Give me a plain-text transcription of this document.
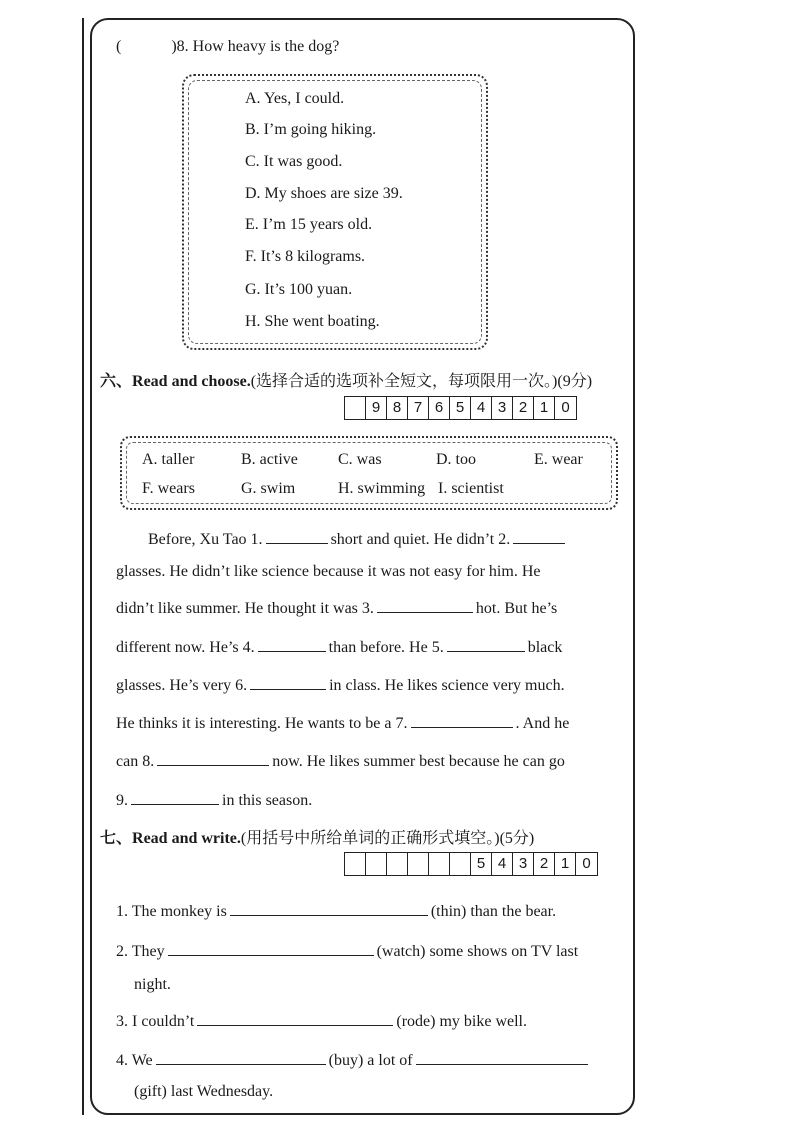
(	)8. How heavy is the dog?
A. Yes, I could.
B. I’m going hiking.
C. It was good.
D. My shoes are size 39.
E. I’m 15 years old.
F. It’s 8 kilograms.
G. It’s 100 yuan.
H. She went boating.
六、Read and choose.(选择合适的选项补全短文，每项限用一次。)(9分)
9 8 7 6 5 4 3 2 1 0
A. taller	B. active	C. was	D. too	E. wear
F. wears	G. swim	H. swimming I. scientist
Before, Xu Tao 1.	short and quiet. He didn’t 2.
glasses. He didn’t like science because it was not easy for him. He
didn’t like summer. He thought it was 3.	hot. But he’s
different now. He’s 4.	than before. He 5.	black
glasses. He’s very 6.	in class. He likes science very much.
He thinks it is interesting. He wants to be a 7.	. And he
can 8.	now. He likes summer best because he can go
9.	in this season.
七、Read and write.(用括号中所给单词的正确形式填空。)(5分)
5 4 3 2 1 0
1. The monkey is	(thin) than the bear.
2. They	(watch) some shows on TV last
night.
3. I couldn’t	(rode) my bike well.
4. We	(buy) a lot of
(gift) last Wednesday.
